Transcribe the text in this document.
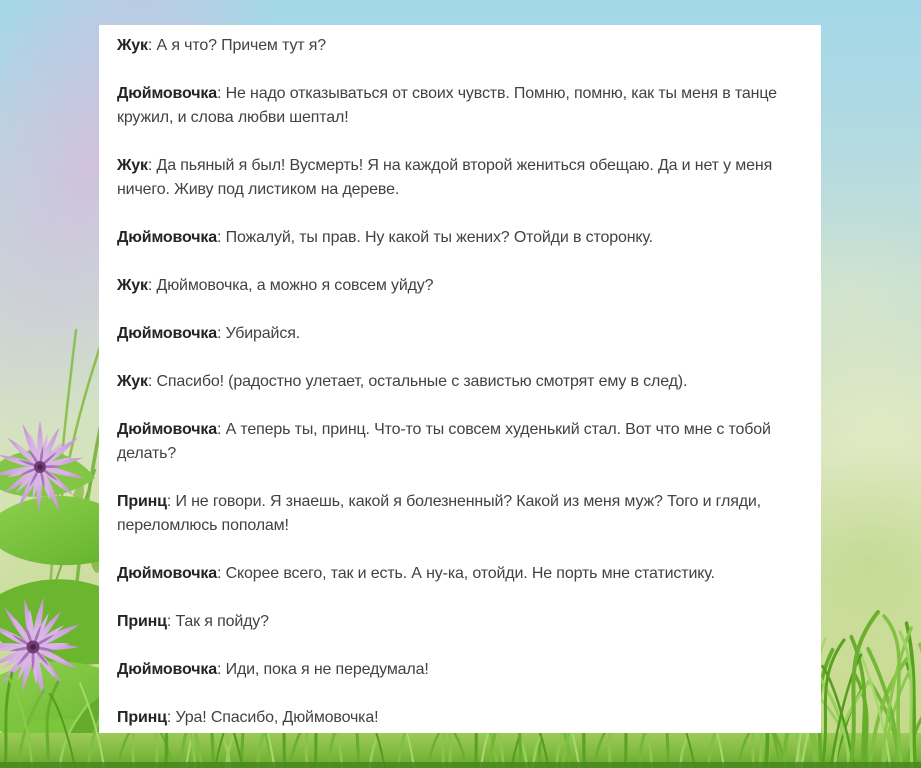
Жук: А я что? Причем тут я?

Дюймовочка: Не надо отказываться от своих чувств. Помню, помню, как ты меня в танце кружил, и слова любви шептал!

Жук: Да пьяный я был! Вусмерть! Я на каждой второй жениться обещаю. Да и нет у меня ничего. Живу под листиком на дереве.

Дюймовочка: Пожалуй, ты прав. Ну какой ты жених? Отойди в сторонку.

Жук: Дюймовочка, а можно я совсем уйду?

Дюймовочка: Убирайся.

Жук: Спасибо! (радостно улетает, остальные с завистью смотрят ему в след).

Дюймовочка: А теперь ты, принц. Что-то ты совсем худенький стал. Вот что мне с тобой делать?

Принц: И не говори. Я знаешь, какой я болезненный? Какой из меня муж? Того и гляди, переломлюсь пополам!

Дюймовочка: Скорее всего, так и есть. А ну-ка, отойди. Не порть мне статистику.

Принц: Так я пойду?

Дюймовочка: Иди, пока я не передумала!

Принц: Ура! Спасибо, Дюймовочка!
